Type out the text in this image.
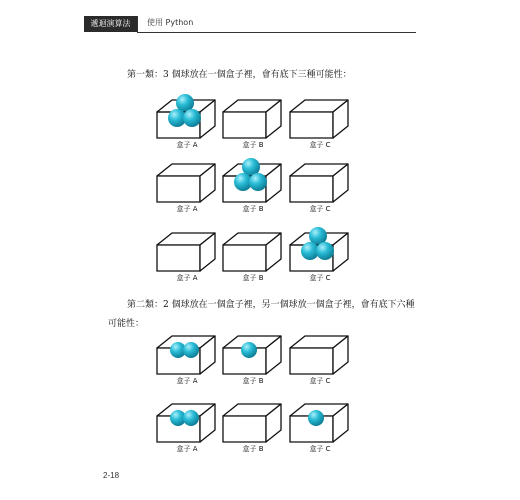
遞迴演算法	使用 Python
第一類：3 個球放在一個盒子裡，會有底下三種可能性：
盒子 A	盒子 B	盒子 C
盒子 A	盒子 B	盒子 C
盒子 A	盒子 B	盒子 C
第二類：2 個球放在一個盒子裡，另一個球放一個盒子裡，會有底下六種
可能性：
盒子 A	盒子 B	盒子 C
盒子 A	盒子 B	盒子 C
2-18
